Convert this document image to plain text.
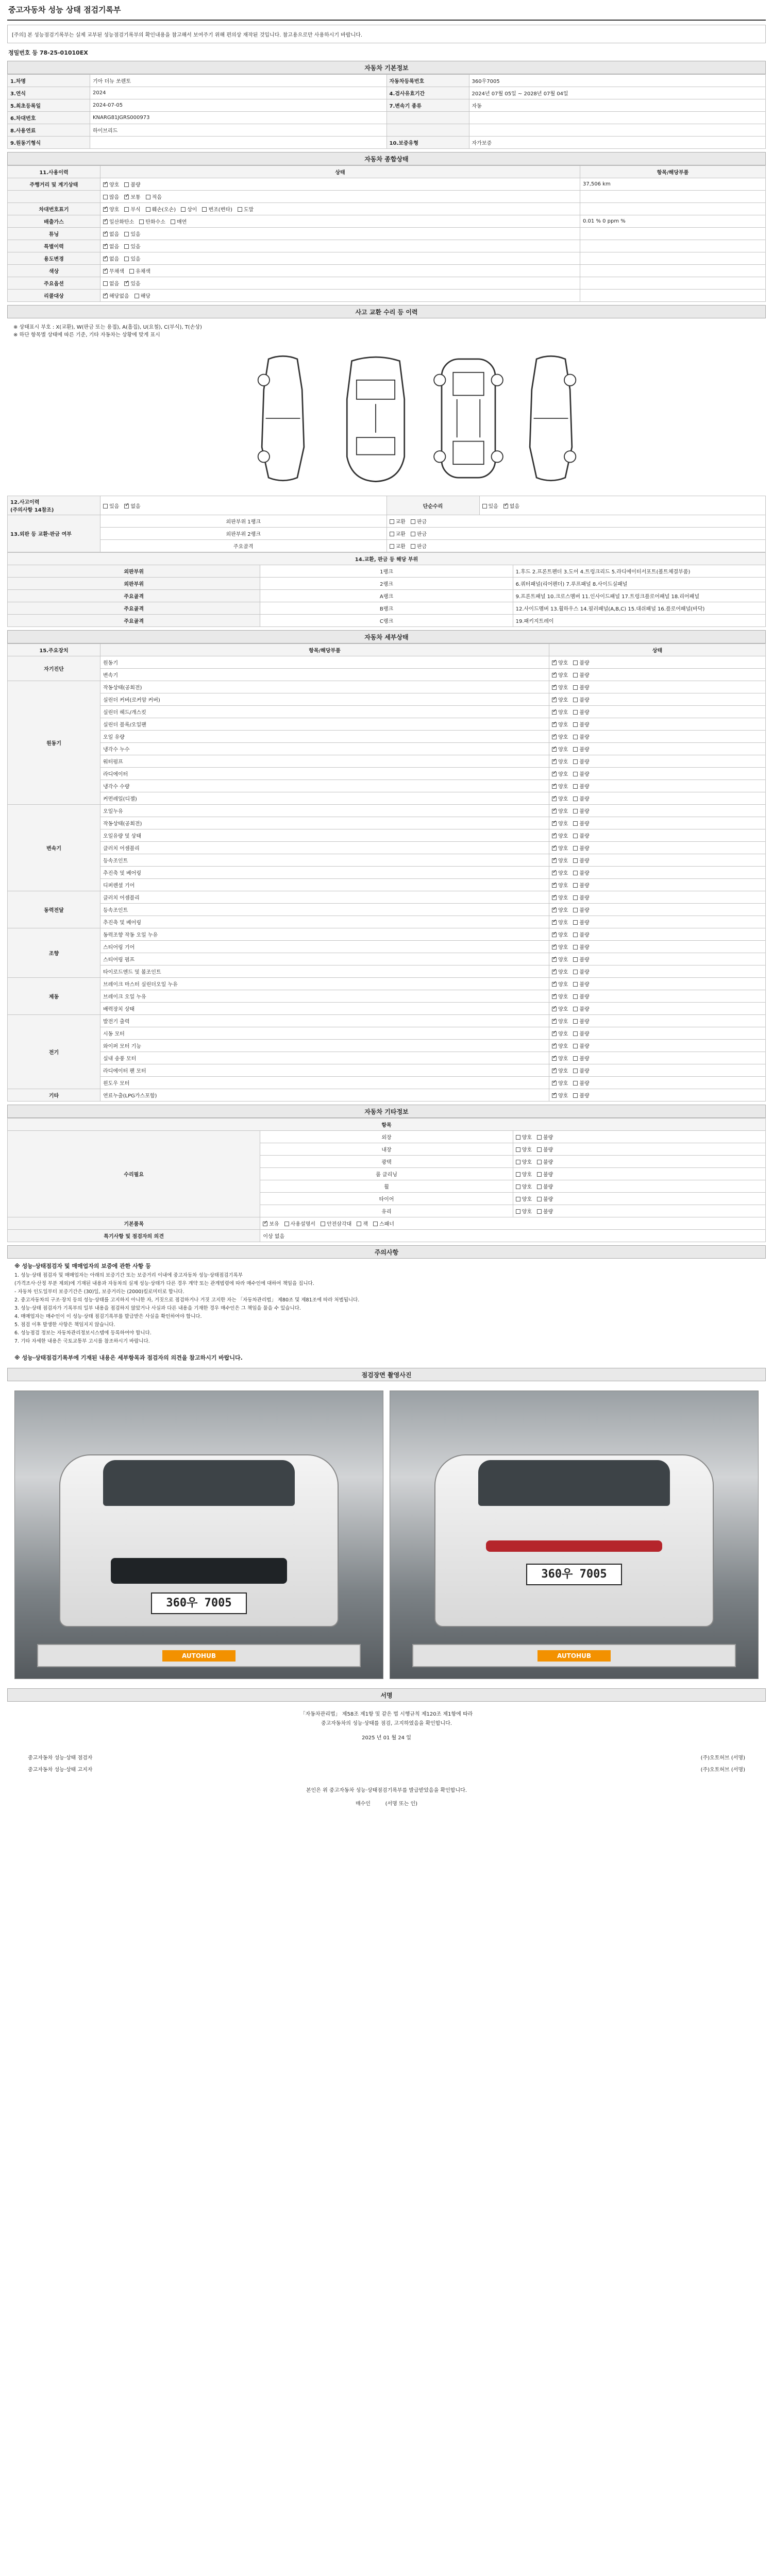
중고자동차 성능 상태 점검기록부
[주의] 본 성능점검기록부는 실제 교부된 성능점검기록부의 확인내용을 참고해서 보여주기 위해 편의상 재작된 것입니다. 참고용으로만 사용하시기 바랍니다.
정밀번호 등 78-25-01010EX
자동차 기본정보
1.차명	기아 더뉴 쏘렌토	자동차등록번호	360우7005
3.연식	2024	4.검사유효기간	2024년 07월 05일 ~ 2028년 07월 04일
5.최초등록일	2024-07-05	7.변속기 종류	자동
6.차대번호	KNARG81JGRS000973		
8.사용연료	하이브리드		
9.원동기형식		10.보증유형	자가보증
자동차 종합상태
11.사용이력	상태	항목/해당부품
주행거리 및 계기상태	✓양호 불량	37,506 km
	많음 ✓ 보통 적음	
차대번호표기	✓양호 부식 훼손(오손) 상이 변조(변타) 도말	
배출가스	✓일산화탄소 탄화수소 매연	0.01 % 0 ppm %
튜닝	✓없음 있음	
특별이력	✓없음 있음	
용도변경	✓없음 있음	
색상	✓무채색 유채색	
주요옵션	없음 ✓ 있음	
리콜대상	✓해당없음 해당	
사고 교환 수리 등 이력
※ 상태표시 부호 : X(교환), W(판금 또는 용접), A(흠집), U(요철), C(부식), T(손상)
※ 하단 항목별 상태에 따른 기준, 기타 자동차는 상황에 맞게 표시
12.사고이력
(주의사항 14참조)	있음 ✓ 없음	단순수리	있음 ✓ 없음
13.외판 등 교환·판금 여부	외판부위 1랭크	교환 판금	
	외판부위 2랭크	교환 판금	
	주요골격	교환 판금	
14.교환, 판금 등 해당 부위		
외판부위	1랭크	1.후드 2.프론트펜더 3.도어 4.트렁크리드 5.라디에이터서포트(볼트체결부품)
외판부위	2랭크	6.쿼터패널(리어펜더) 7.루프패널 8.사이드실패널
주요골격	A랭크	9.프론트패널 10.크로스멤버 11.인사이드패널 17.트렁크플로어패널 18.리어패널
주요골격	B랭크	12.사이드멤버 13.휠하우스 14.필러패널(A,B,C) 15.대쉬패널 16.플로어패널(바닥)
주요골격	C랭크	19.패키지트레이
자동차 세부상태
15.주요장치	항목/해당부품	상태
자기진단	원동기	✓양호 불량
	변속기	✓양호 불량
원동기	작동상태(공회전)	✓양호 불량
	실린더 커버(로커암 커버)	✓양호 불량
	실린더 헤드/개스킷	✓양호 불량
	실린더 블록/오일팬	✓양호 불량
	오일 유량	✓양호 불량
	냉각수 누수	✓양호 불량
	워터펌프	✓양호 불량
	라디에이터	✓양호 불량
	냉각수 수량	✓양호 불량
	커먼레일(디젤)	✓양호 불량
변속기	오일누유	✓양호 불량
	작동상태(공회전)	✓양호 불량
	오일유량 및 상태	✓양호 불량
	클러치 어셈블리	✓양호 불량
	등속조인트	✓양호 불량
	추진축 및 베어링	✓양호 불량
	디퍼렌셜 기어	✓양호 불량
동력전달	클러치 어셈블리	✓양호 불량
	등속조인트	✓양호 불량
	추진축 및 베어링	✓양호 불량
조향	동력조향 작동 오일 누유	✓양호 불량
	스티어링 기어	✓양호 불량
	스티어링 펌프	✓양호 불량
	타이로드엔드 및 볼조인트	✓양호 불량
제동	브레이크 마스터 실린더오일 누유	✓양호 불량
	브레이크 오일 누유	✓양호 불량
	배력장치 상태	✓양호 불량
전기	발전기 출력	✓양호 불량
	시동 모터	✓양호 불량
	와이퍼 모터 기능	✓양호 불량
	실내 송풍 모터	✓양호 불량
	라디에이터 팬 모터	✓양호 불량
	윈도우 모터	✓양호 불량
기타	연료누출(LPG가스포함)	✓양호 불량
자동차 기타정보
항목		
수리필요	외장	양호 불량
	내장	양호 불량
	광택	양호 불량
	룸 클리닝	양호 불량
	휠	양호 불량
	타이어	양호 불량
	유리	양호 불량
기본품목	✓보유 사용설명서 안전삼각대 잭 스패너
특기사항 및 점검자의 의견	이상 없음	
주의사항
※ 성능·상태점검자 및 매매업자의 보증에 관한 사항 등
1. 성능·상태 점검자 및 매매업자는 아래의 보증기간 또는 보증거리 이내에 중고자동차 성능·상태점검기록부
(가격조사·산정 부분 제외)에 기재된 내용과 자동차의 실제 성능·상태가 다른 경우 계약 또는 관계법령에 따라 매수인에 대하여 책임을 집니다.
- 자동차 인도일부터 보증기간은 (30)일, 보증거리는 (2000)킬로미터로 합니다.
2. 중고자동차의 구조·장치 등의 성능·상태를 고지하지 아니한 자, 거짓으로 점검하거나 거짓 고지한 자는 「자동차관리법」 제80조 및 제81조에 따라 처벌됩니다.
3. 성능·상태 점검자가 기록부의 일부 내용을 점검하지 않았거나 사실과 다른 내용을 기재한 경우 매수인은 그 책임을 물을 수 있습니다.
4. 매매업자는 매수인이 이 성능·상태 점검기록부를 발급받은 사실을 확인하여야 합니다.
5. 점검 이후 발생한 사항은 책임지지 않습니다.
6. 성능점검 정보는 자동차관리정보시스템에 등록하여야 합니다.
7. 기타 자세한 내용은 국토교통부 고시를 참조하시기 바랍니다.
※ 성능·상태점검기록부에 기재된 내용은 세부항목과 점검자의 의견을 참고하시기 바랍니다.
점검장면 촬영사진
360우 7005
AUTOHUB
360우 7005
AUTOHUB
서명
「자동차관리법」 제58조 제1항 및 같은 법 시행규칙 제120조 제1항에 따라
중고자동차의 성능·상태를 점검, 고지하였음을 확인합니다.
2025 년 01 월 24 일
중고자동차 성능·상태 점검자	(주)오토허브 (서명)
중고자동차 성능·상태 고지자	(주)오토허브 (서명)
본인은 위 중고자동차 성능·상태점검기록부를 발급받았음을 확인합니다.
매수인	(서명 또는 인)
